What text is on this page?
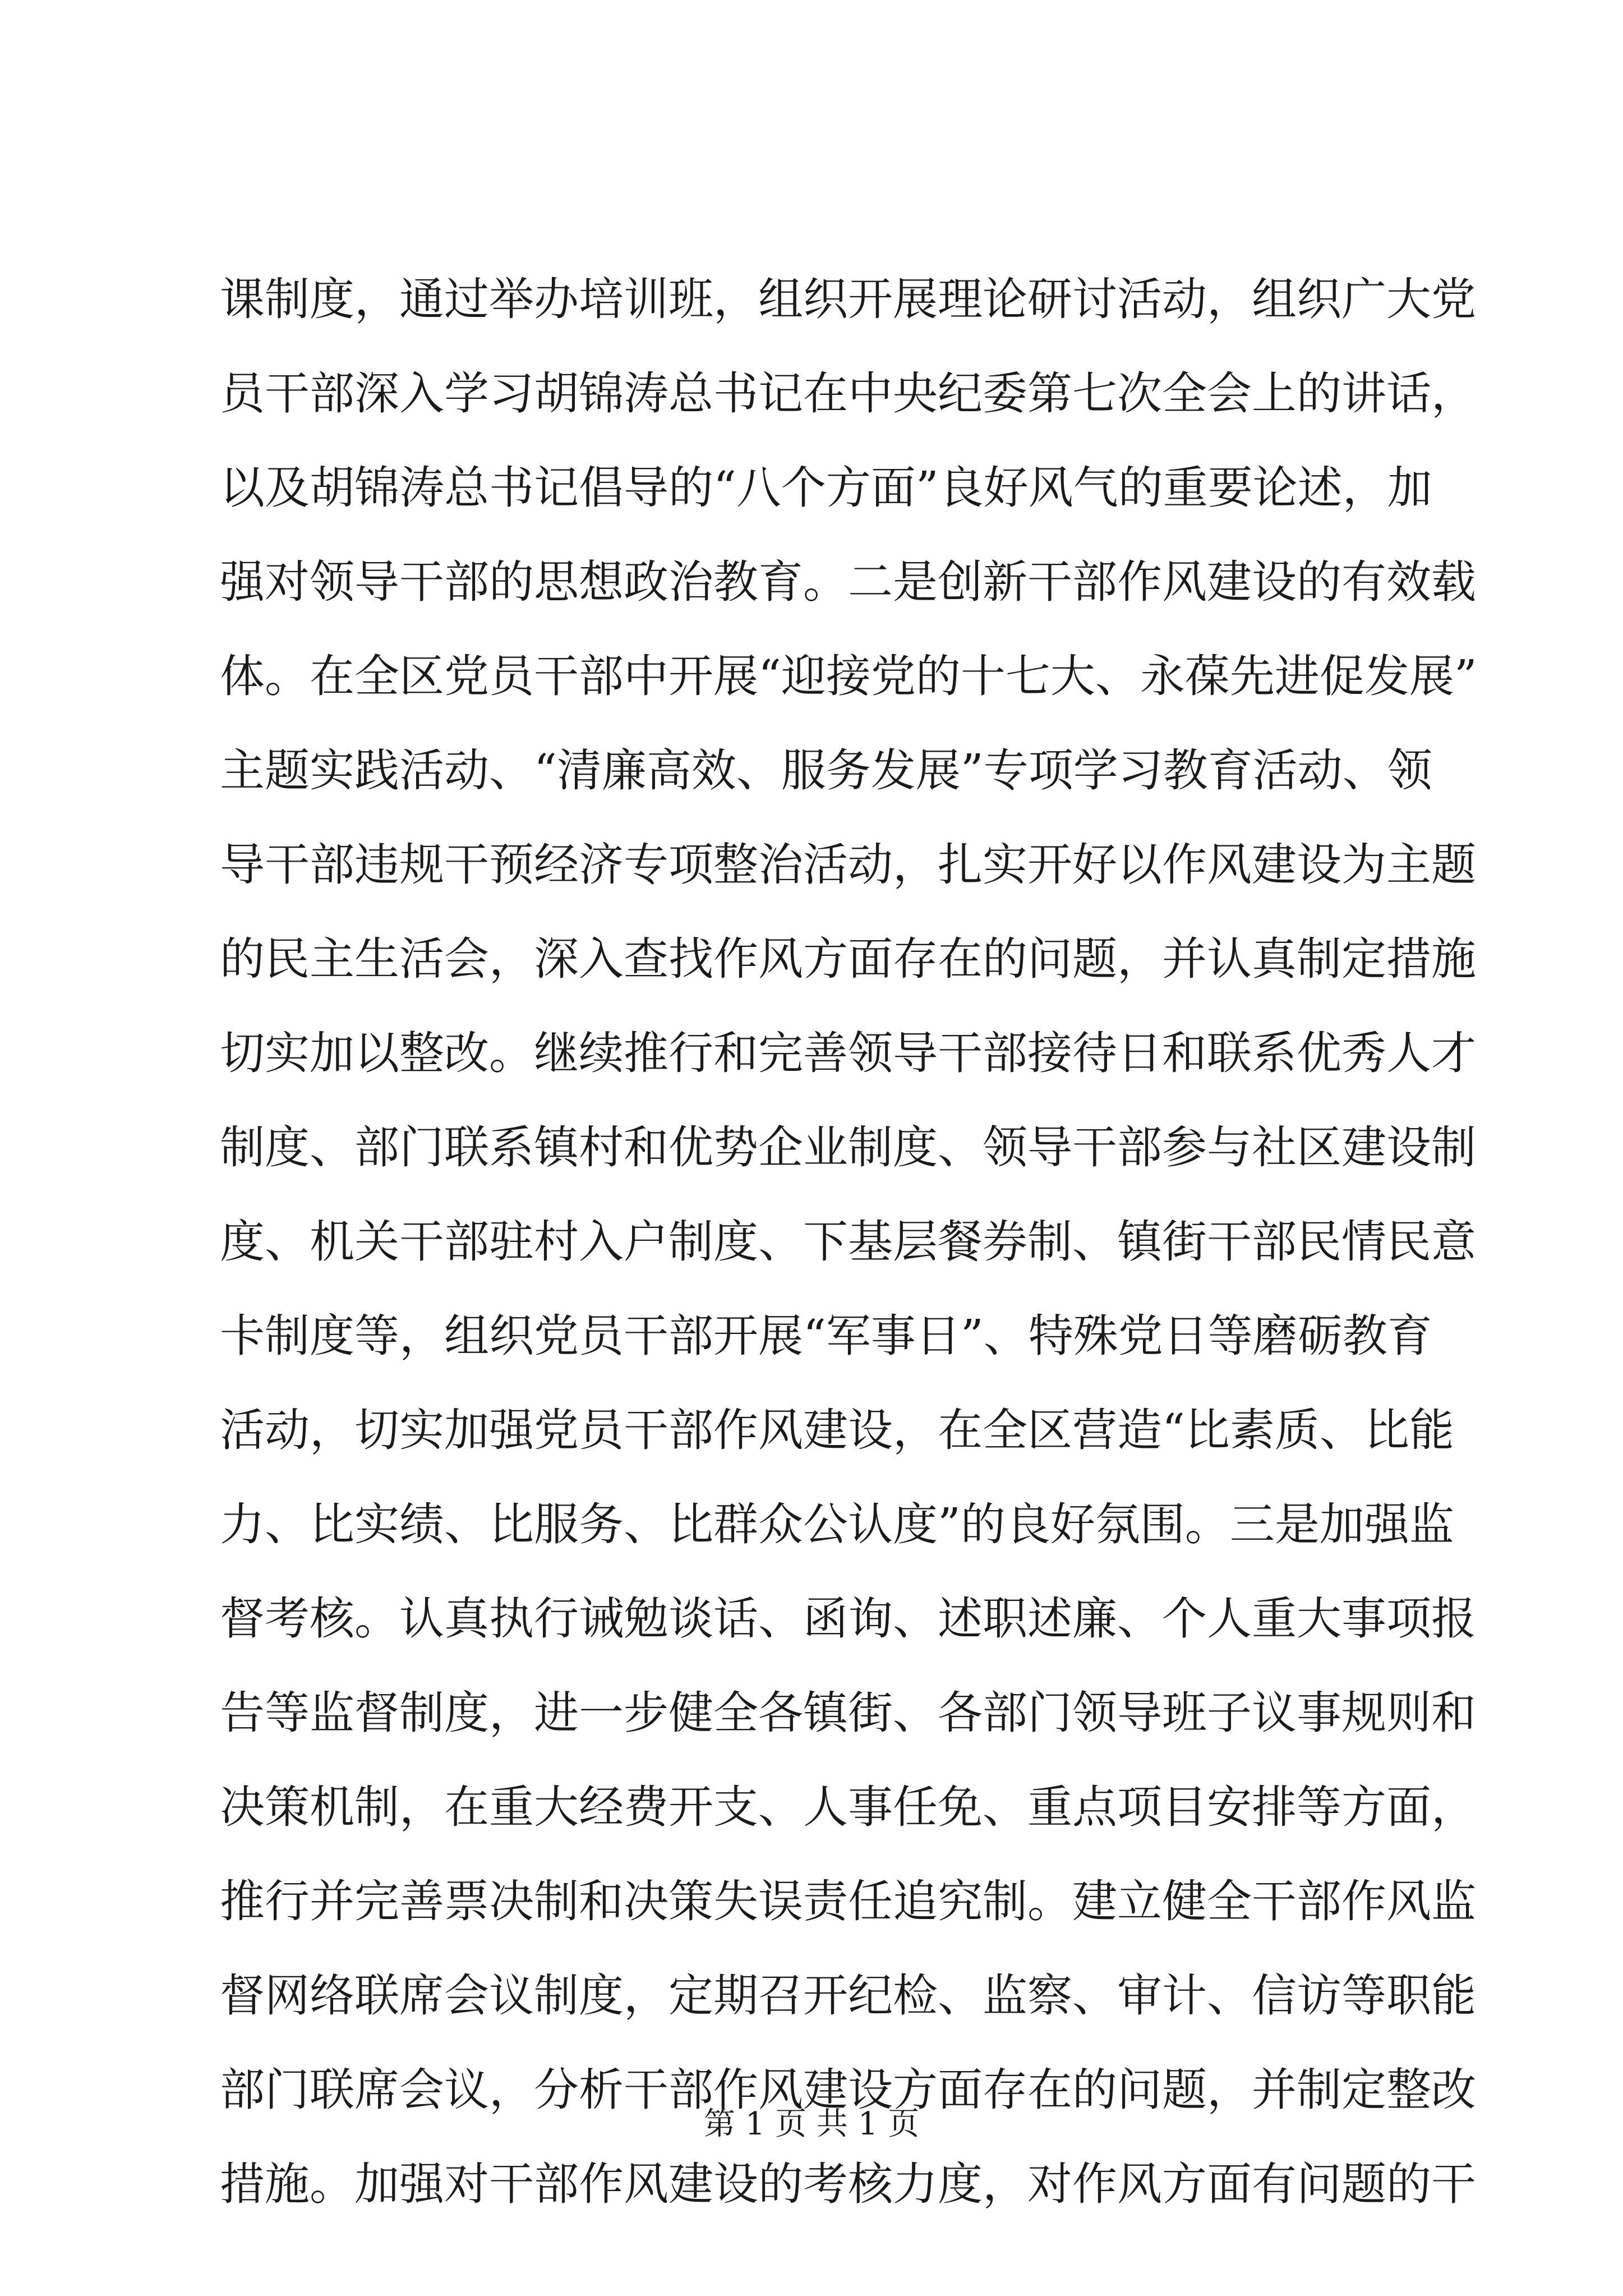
课制度，通过举办培训班，组织开展理论研讨活动，组织广大党
员干部深入学习胡锦涛总书记在中央纪委第七次全会上的讲话，
以及胡锦涛总书记倡导的“八个方面”良好风气的重要论述，加
强对领导干部的思想政治教育。二是创新干部作风建设的有效载
体。在全区党员干部中开展“迎接党的十七大、永葆先进促发展”
主题实践活动、“清廉高效、服务发展”专项学习教育活动、领
导干部违规干预经济专项整治活动，扎实开好以作风建设为主题
的民主生活会，深入查找作风方面存在的问题，并认真制定措施
切实加以整改。继续推行和完善领导干部接待日和联系优秀人才
制度、部门联系镇村和优势企业制度、领导干部参与社区建设制
度、机关干部驻村入户制度、下基层餐券制、镇街干部民情民意
卡制度等，组织党员干部开展“军事日”、特殊党日等磨砺教育
活动，切实加强党员干部作风建设，在全区营造“比素质、比能
力、比实绩、比服务、比群众公认度”的良好氛围。三是加强监
督考核。认真执行诫勉谈话、函询、述职述廉、个人重大事项报
告等监督制度，进一步健全各镇街、各部门领导班子议事规则和
决策机制，在重大经费开支、人事任免、重点项目安排等方面，
推行并完善票决制和决策失误责任追究制。建立健全干部作风监
督网络联席会议制度，定期召开纪检、监察、审计、信访等职能
部门联席会议，分析干部作风建设方面存在的问题，并制定整改
措施。加强对干部作风建设的考核力度，对作风方面有问题的干
第 1 页 共 1 页
